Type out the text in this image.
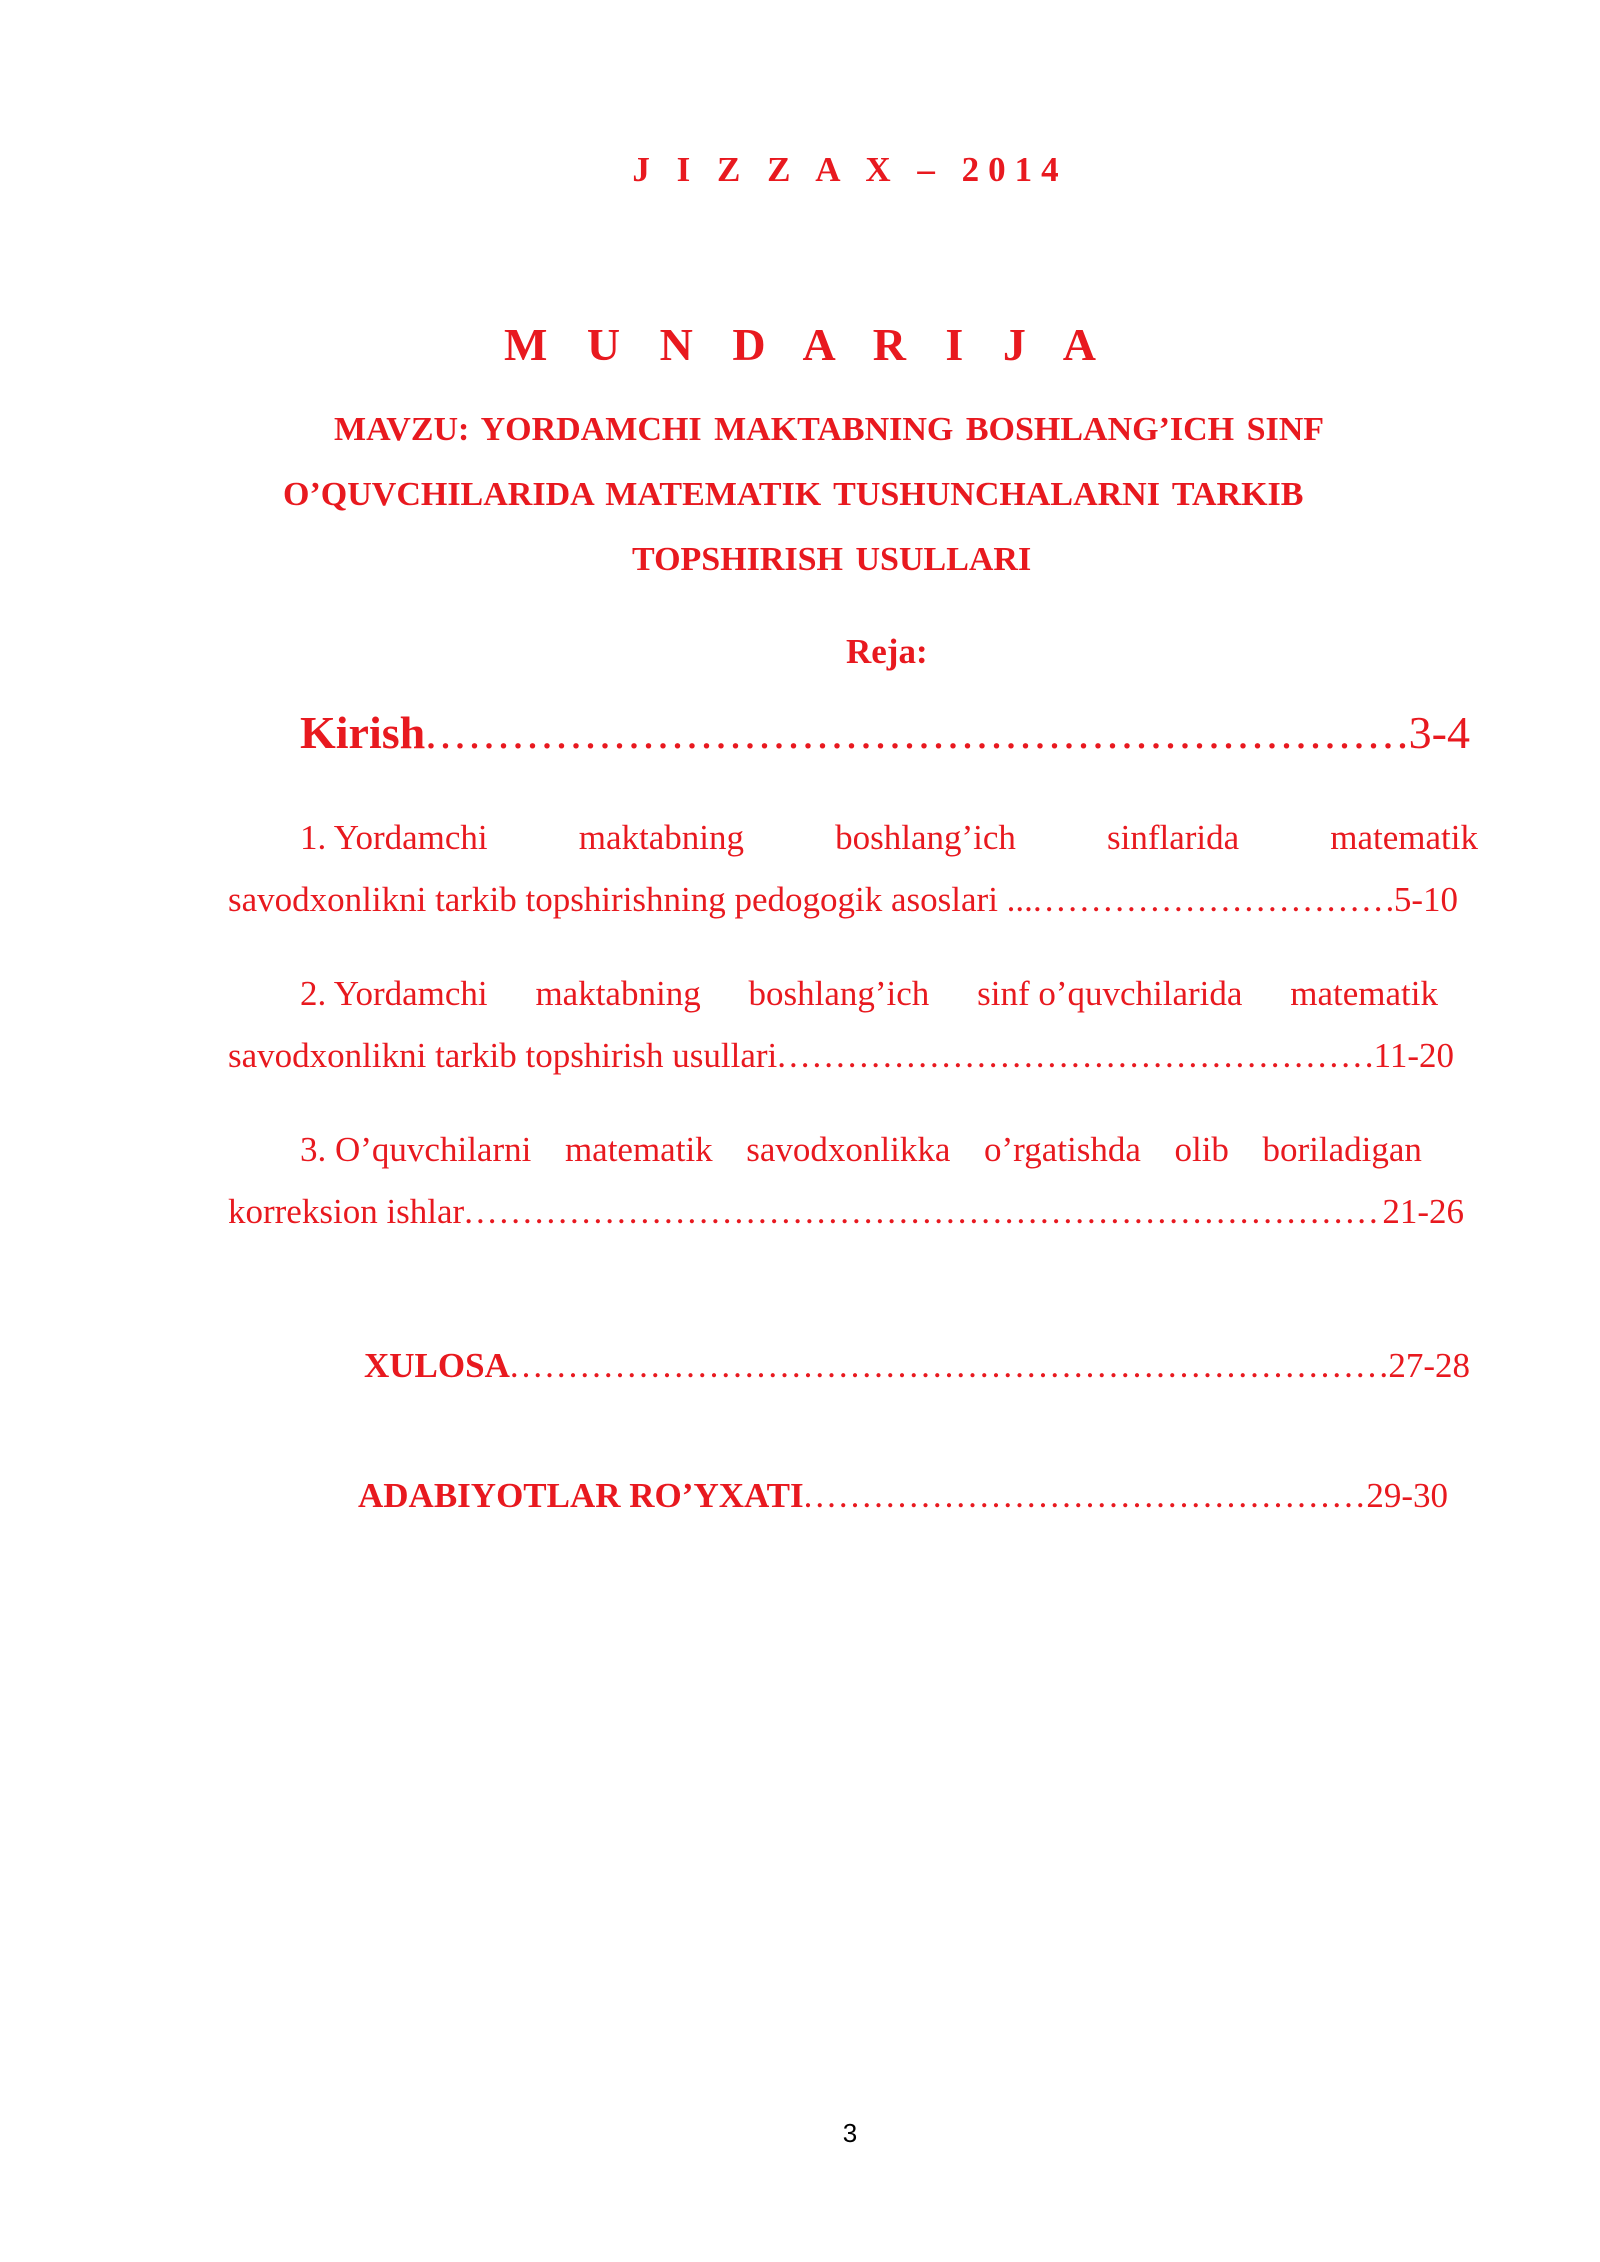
J I Z Z A X – 2014
M U N D A R I J A
MAVZU: YORDAMCHI MAKTABNING BOSHLANG’ICH SINF
O’QUVCHILARIDA MATEMATIK TUSHUNCHALARNI TARKIB
TOPSHIRISH USULLARI
Reja:
Kirish .....	3-4
1. Yordamchi	maktabning	boshlang’ich	sinflarida	matematik
savodxonlikni tarkib topshirishning pedogogik asoslari ... .....	5-10
2. Yordamchi maktabning boshlang’ich sinf o’quvchilarida matematik
savodxonlikni tarkib topshirish usullari .....	11-20
3. O’quvchilarni matematik savodxonlikka o’rgatishda olib boriladigan
korreksion ishlar .....	21-26
XULOSA .....	27-28
ADABIYOTLAR RO’YXATI .....	29-30
3
